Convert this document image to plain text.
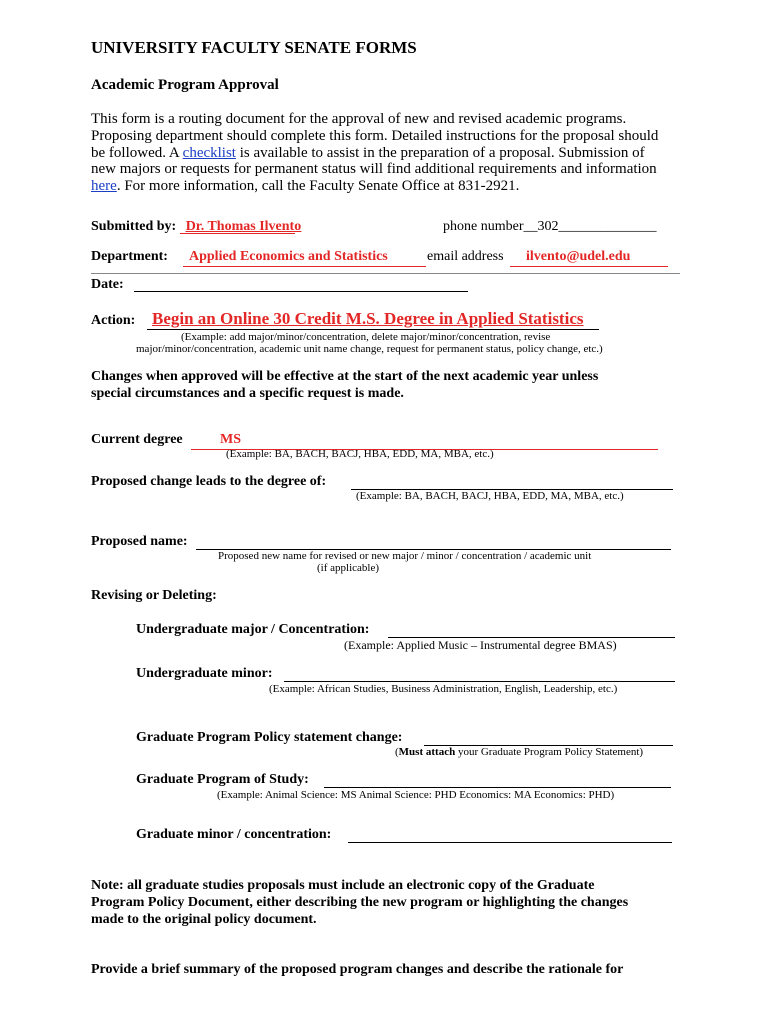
UNIVERSITY FACULTY SENATE FORMS
Academic Program Approval
This form is a routing document for the approval of new and revised academic programs.
Proposing department should complete this form. Detailed instructions for the proposal should
be followed. A checklist is available to assist in the preparation of a proposal. Submission of
new majors or requests for permanent status will find additional requirements and information
here. For more information, call the Faculty Senate Office at 831-2921.
Submitted by: Dr. Thomas Ilvento	phone number__302______________
Department:	Applied Economics and Statistics	email address	ilvento@udel.edu
Date:
Action: Begin an Online 30 Credit M.S. Degree in Applied Statistics
(Example: add major/minor/concentration, delete major/minor/concentration, revise
major/minor/concentration, academic unit name change, request for permanent status, policy change, etc.)
Changes when approved will be effective at the start of the next academic year unless
special circumstances and a specific request is made.
Current degree	MS
(Example: BA, BACH, BACJ, HBA, EDD, MA, MBA, etc.)
Proposed change leads to the degree of:
(Example: BA, BACH, BACJ, HBA, EDD, MA, MBA, etc.)
Proposed name:
Proposed new name for revised or new major / minor / concentration / academic unit
(if applicable)
Revising or Deleting:
Undergraduate major / Concentration:
(Example: Applied Music – Instrumental degree BMAS)
Undergraduate minor:
(Example: African Studies, Business Administration, English, Leadership, etc.)
Graduate Program Policy statement change:
(Must attach your Graduate Program Policy Statement)
Graduate Program of Study:
(Example: Animal Science: MS Animal Science: PHD Economics: MA Economics: PHD)
Graduate minor / concentration:
Note: all graduate studies proposals must include an electronic copy of the Graduate
Program Policy Document, either describing the new program or highlighting the changes
made to the original policy document.
Provide a brief summary of the proposed program changes and describe the rationale for
